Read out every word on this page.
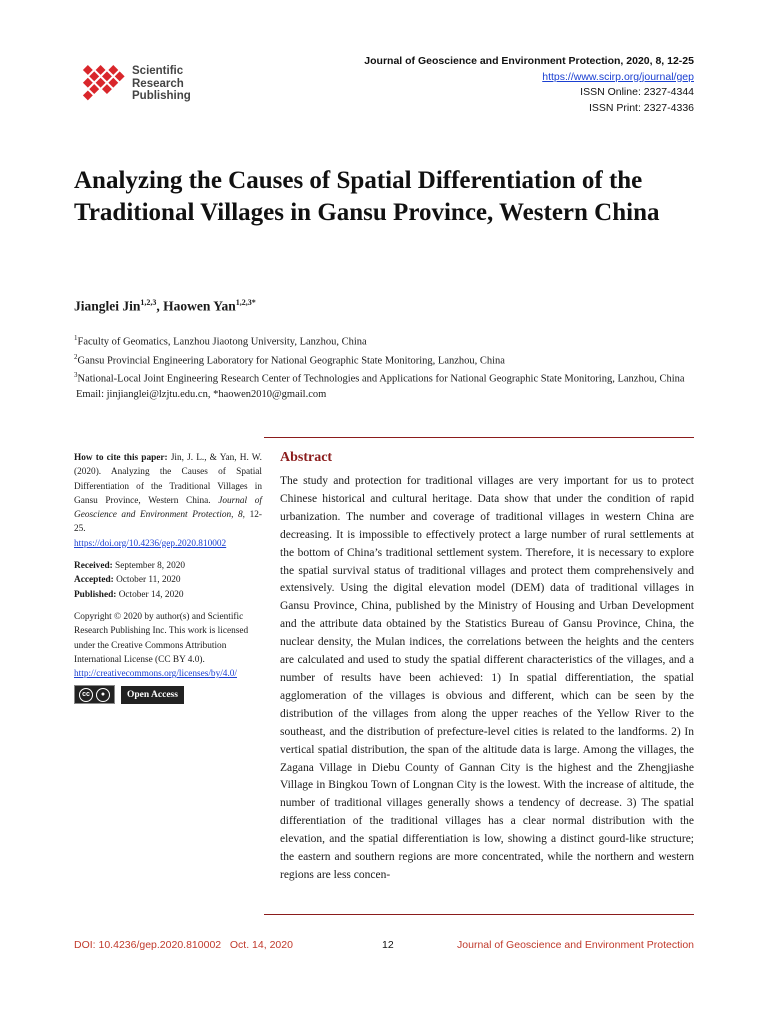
Scientific
Research
Publishing
Journal of Geoscience and Environment Protection, 2020, 8, 12-25
https://www.scirp.org/journal/gep
ISSN Online: 2327-4344
ISSN Print: 2327-4336
Analyzing the Causes of Spatial Differentiation of the Traditional Villages in Gansu Province, Western China
Jianglei Jin$^{1,2,3}$, Haowen Yan$^{1,2,3*}$
$^1$Faculty of Geomatics, Lanzhou Jiaotong University, Lanzhou, China
$^2$Gansu Provincial Engineering Laboratory for National Geographic State Monitoring, Lanzhou, China
$^3$National-Local Joint Engineering Research Center of Technologies and Applications for National Geographic State Monitoring, Lanzhou, China
Email: jinjianglei@lzjtu.edu.cn, *haowen2010@gmail.com

How to cite this paper: Jin, J. L., & Yan, H. W. (2020). Analyzing the Causes of Spatial Differentiation of the Traditional Villages in Gansu Province, Western China. Journal of Geoscience and Environment Protection, 8, 12-25.

https://doi.org/10.4236/gep.2020.810002

Received: September 8, 2020

Accepted: October 11, 2020

Published: October 14, 2020

Copyright © 2020 by author(s) and Scientific Research Publishing Inc. This work is licensed under the Creative Commons Attribution International License (CC BY 4.0).

http://creativecommons.org/licenses/by/4.0/

cc	●	Open Access
Abstract
The study and protection for traditional villages are very important for us to protect Chinese historical and cultural heritage. Data show that under the condition of rapid urbanization. The number and coverage of traditional villages in western China are decreasing. It is impossible to effectively protect a large number of rural settlements at the bottom of China’s traditional settlement system. Therefore, it is necessary to explore the spatial survival status of traditional villages and protect them comprehensively and extensively. Using the digital elevation model (DEM) data of traditional villages in Gansu Province, China, published by the Ministry of Housing and Urban Development and the attribute data obtained by the Statistics Bureau of Gansu Province, China, the nuclear density, the Mulan indices, the correlations between the heights and the centers are calculated and used to study the spatial different characteristics of the villages, and a number of results have been achieved: 1) In spatial differentiation, the spatial agglomeration of the villages is obvious and different, which can be seen by the distribution of the villages from along the upper reaches of the Yellow River to the southeast, and the distribution of prefecture-level cities is related to the landforms. 2) In vertical spatial distribution, the span of the altitude data is large. Among the villages, the Zagana Village in Diebu County of Gannan City is the highest and the Zhengjiashe Village in Bingkou Town of Longnan City is the lowest. With the increase of altitude, the number of traditional villages generally shows a tendency of decrease. 3) The spatial differentiation of the traditional villages has a clear normal distribution with the elevation, and the spatial differentiation is low, showing a distinct gourd-like structure; the eastern and southern regions are more concentrated, while the northern and western regions are less concen-
DOI: 10.4236/gep.2020.810002 Oct. 14, 2020	12	Journal of Geoscience and Environment Protection
